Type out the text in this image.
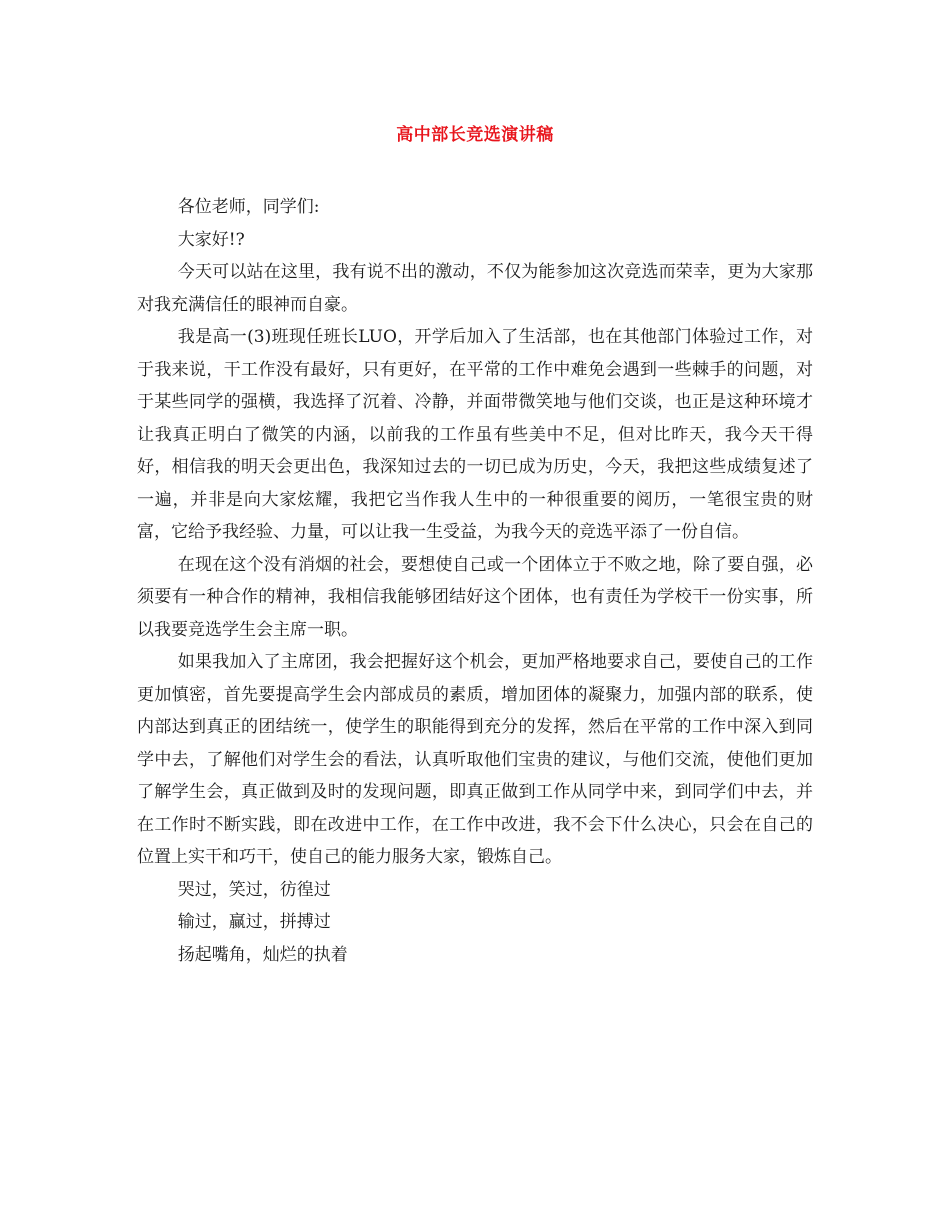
高中部长竞选演讲稿

各位老师，同学们:

大家好!?

今天可以站在这里，我有说不出的激动，不仅为能参加这次竞选而荣幸，更为大家那对我充满信任的眼神而自豪。

我是高一(3)班现任班长LUO，开学后加入了生活部，也在其他部门体验过工作，对于我来说，干工作没有最好，只有更好，在平常的工作中难免会遇到一些棘手的问题，对于某些同学的强横，我选择了沉着、冷静，并面带微笑地与他们交谈，也正是这种环境才让我真正明白了微笑的内涵，以前我的工作虽有些美中不足，但对比昨天，我今天干得好，相信我的明天会更出色，我深知过去的一切已成为历史，今天，我把这些成绩复述了一遍，并非是向大家炫耀，我把它当作我人生中的一种很重要的阅历，一笔很宝贵的财富，它给予我经验、力量，可以让我一生受益，为我今天的竞选平添了一份自信。

在现在这个没有消烟的社会，要想使自己或一个团体立于不败之地，除了要自强，必须要有一种合作的精神，我相信我能够团结好这个团体，也有责任为学校干一份实事，所以我要竞选学生会主席一职。

如果我加入了主席团，我会把握好这个机会，更加严格地要求自己，要使自己的工作更加慎密，首先要提高学生会内部成员的素质，增加团体的凝聚力，加强内部的联系，使内部达到真正的团结统一，使学生的职能得到充分的发挥，然后在平常的工作中深入到同学中去，了解他们对学生会的看法，认真听取他们宝贵的建议，与他们交流，使他们更加了解学生会，真正做到及时的发现问题，即真正做到工作从同学中来，到同学们中去，并在工作时不断实践，即在改进中工作，在工作中改进，我不会下什么决心，只会在自己的位置上实干和巧干，使自己的能力服务大家，锻炼自己。

哭过，笑过，彷徨过

输过，赢过，拼搏过

扬起嘴角，灿烂的执着
